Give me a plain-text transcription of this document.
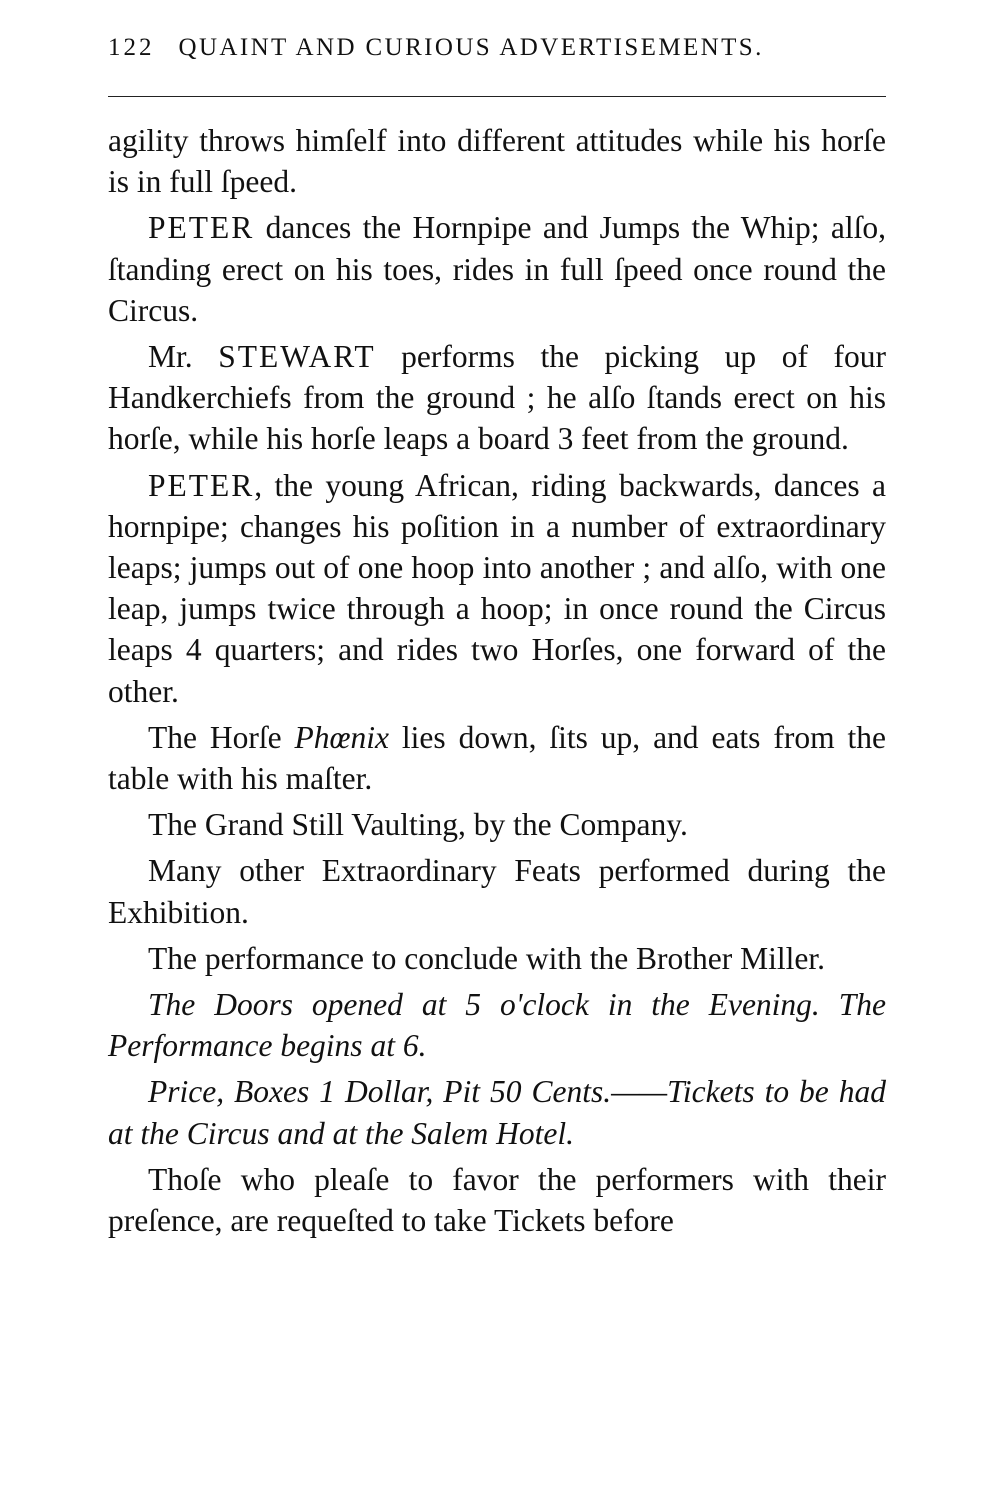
122 QUAINT AND CURIOUS ADVERTISEMENTS.

agility throws himſelf into different attitudes while his horſe is in full ſpeed.

PETER dances the Hornpipe and Jumps the Whip; alſo, ſtanding erect on his toes, rides in full ſpeed once round the Circus.

Mr. STEWART performs the picking up of four Handkerchiefs from the ground ; he alſo ſtands erect on his horſe, while his horſe leaps a board 3 feet from the ground.

PETER, the young African, riding backwards, dances a hornpipe; changes his poſition in a number of extraordinary leaps; jumps out of one hoop into another ; and alſo, with one leap, jumps twice through a hoop; in once round the Circus leaps 4 quarters; and rides two Horſes, one forward of the other.

The Horſe Phœnix lies down, ſits up, and eats from the table with his maſter.

The Grand Still Vaulting, by the Company.

Many other Extraordinary Feats performed during the Exhibition.

The performance to conclude with the Brother Miller.

The Doors opened at 5 o'clock in the Evening. The Performance begins at 6.

Price, Boxes 1 Dollar, Pit 50 Cents.——Tickets to be had at the Circus and at the Salem Hotel.

Thoſe who pleaſe to favor the performers with their preſence, are requeſted to take Tickets before
